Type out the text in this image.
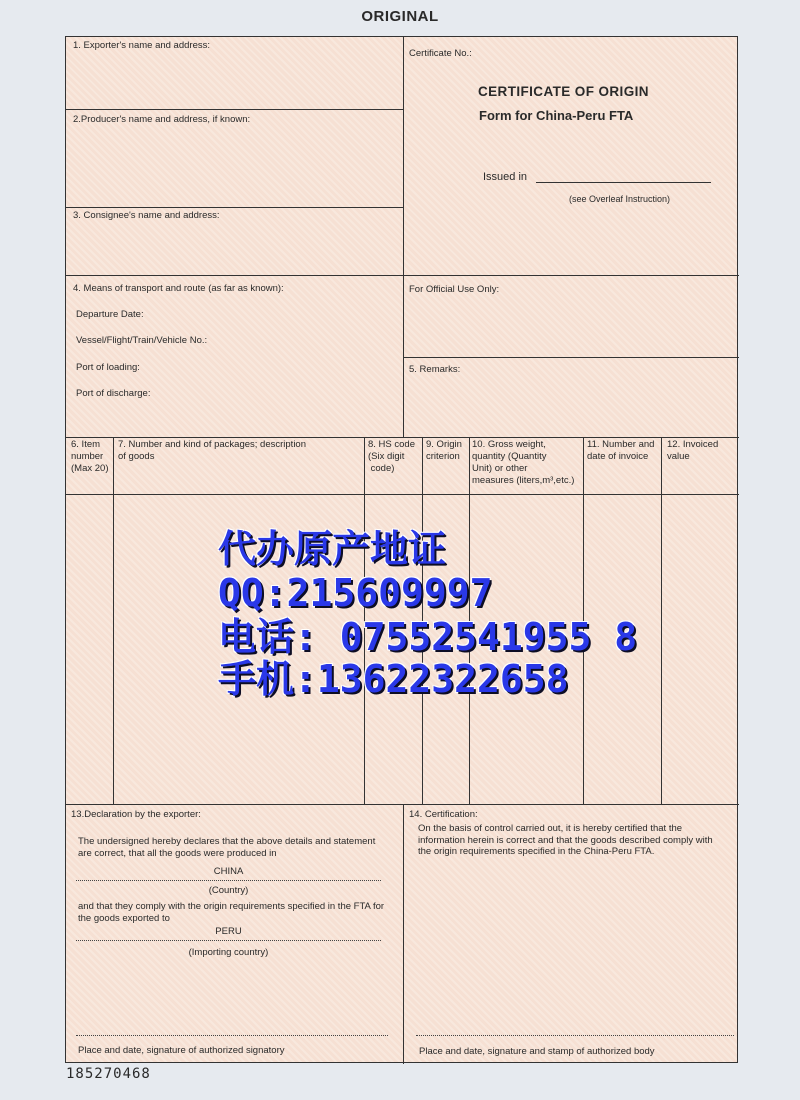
ORIGINAL
1. Exporter's name and address:
2.Producer's name and address, if known:
3. Consignee's name and address:
Certificate No.:
CERTIFICATE OF ORIGIN
Form for China-Peru FTA
Issued in
(see Overleaf Instruction)
4. Means of transport and route (as far as known):
Departure Date:
Vessel/Flight/Train/Vehicle No.:
Port of loading:
Port of discharge:
For Official Use Only:
5. Remarks:
6. Item
number
(Max 20)
7. Number and kind of packages; description
of goods
8. HS code
(Six digit
code)
9. Origin
criterion
10. Gross weight,
quantity (Quantity
Unit) or other
measures (liters,m³,etc.)
11. Number and
date of invoice
12. Invoiced
value
13.Declaration by the exporter:
The undersigned hereby declares that the above details and statement are correct, that all the goods were produced in
CHINA
(Country)
and that they comply with the origin requirements specified in the FTA for the goods exported to
PERU
(Importing country)
Place and date, signature of authorized signatory
14. Certification:
On the basis of control carried out, it is hereby certified that the information herein is correct and that the goods described comply with the origin requirements specified in the China-Peru FTA.
Place and date, signature and stamp of authorized body
代办原产地证
QQ:215609997
电话: 07552541955 8
手机:13622322658
185270468
